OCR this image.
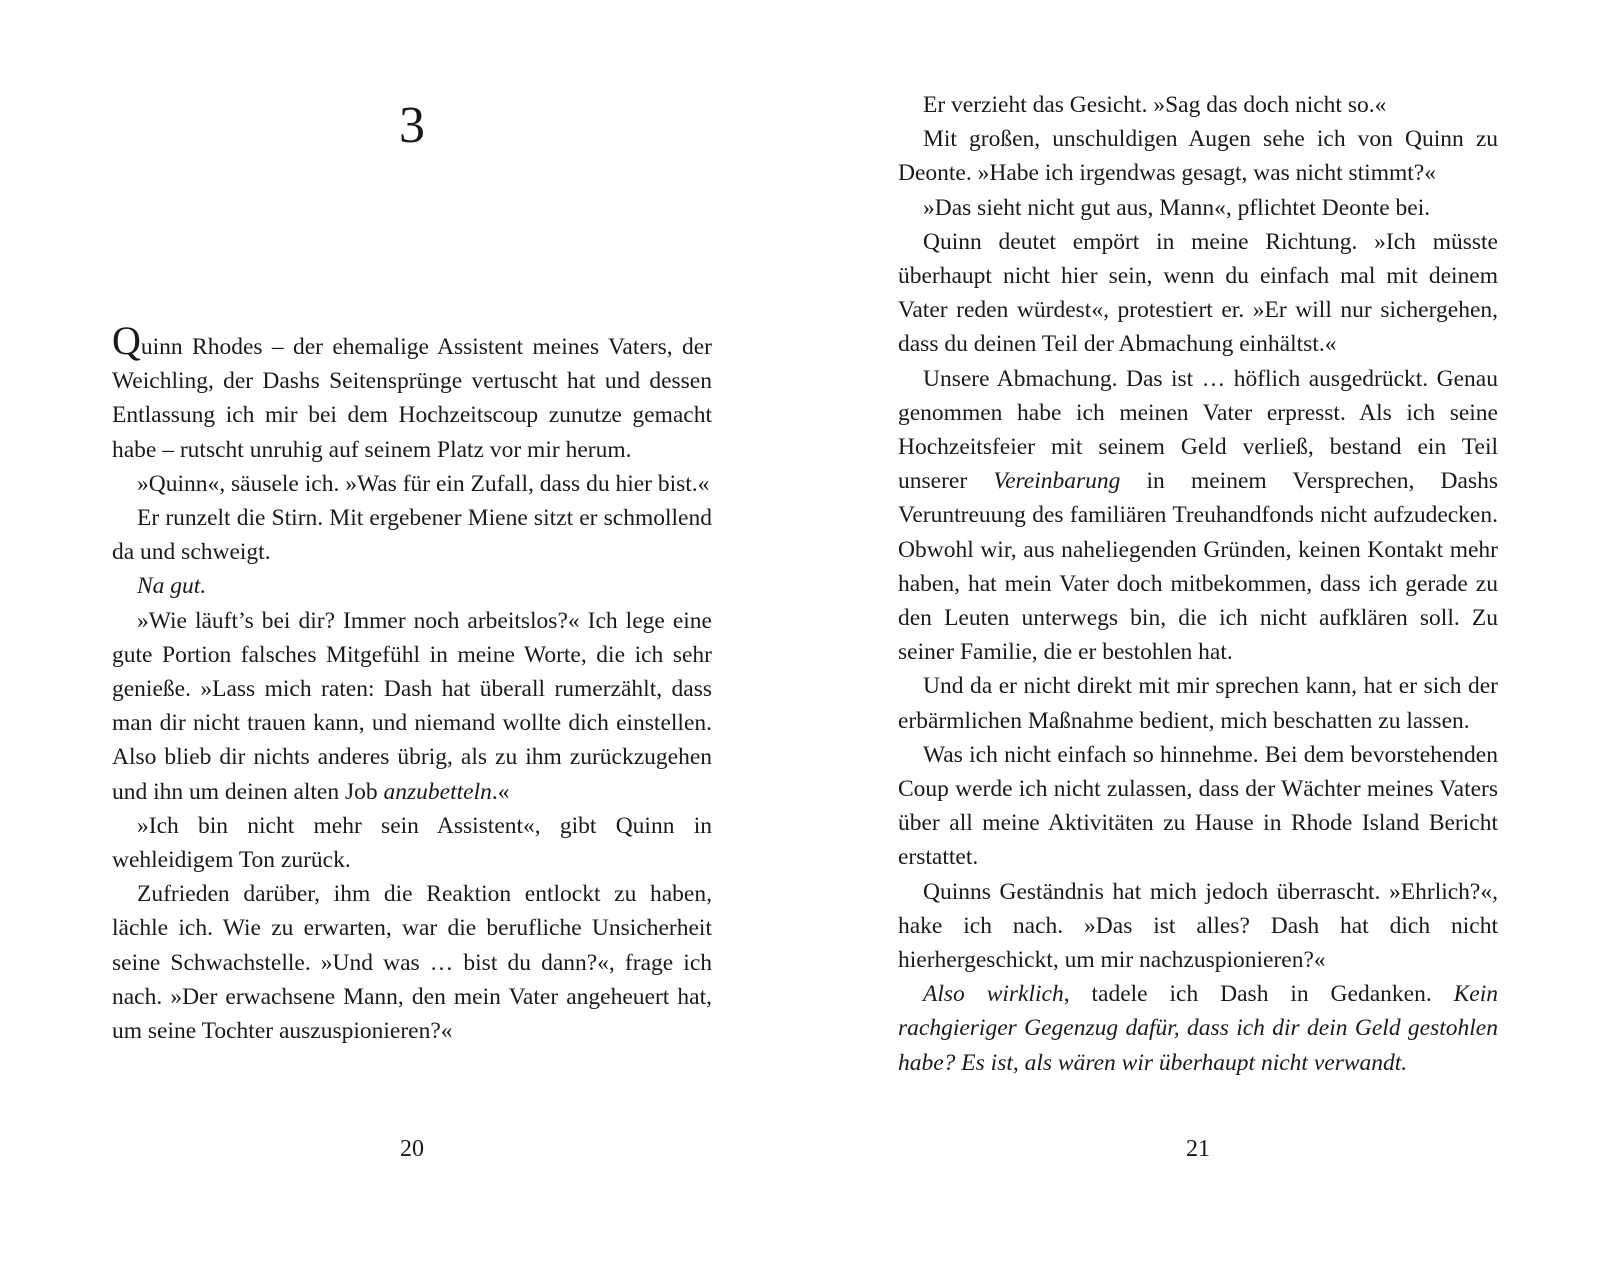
3

Quinn Rhodes – der ehemalige Assistent meines Vaters, der Weichling, der Dashs Seitensprünge vertuscht hat und dessen Entlassung ich mir bei dem Hochzeitscoup zunutze gemacht habe – rutscht unruhig auf seinem Platz vor mir herum.

»Quinn«, säusele ich. »Was für ein Zufall, dass du hier bist.«

Er runzelt die Stirn. Mit ergebener Miene sitzt er schmollend da und schweigt.

Na gut.

»Wie läuft’s bei dir? Immer noch arbeitslos?« Ich lege eine gute Portion falsches Mitgefühl in meine Worte, die ich sehr genieße. »Lass mich raten: Dash hat überall rumerzählt, dass man dir nicht trauen kann, und niemand wollte dich einstellen. Also blieb dir nichts anderes übrig, als zu ihm zurückzugehen und ihn um deinen alten Job anzubetteln.«

»Ich bin nicht mehr sein Assistent«, gibt Quinn in wehleidigem Ton zurück.

Zufrieden darüber, ihm die Reaktion entlockt zu haben, lächle ich. Wie zu erwarten, war die berufliche Unsicherheit seine Schwachstelle. »Und was … bist du dann?«, frage ich nach. »Der erwachsene Mann, den mein Vater angeheuert hat, um seine Tochter auszuspionieren?«

20

Er verzieht das Gesicht. »Sag das doch nicht so.«

Mit großen, unschuldigen Augen sehe ich von Quinn zu Deonte. »Habe ich irgendwas gesagt, was nicht stimmt?«

»Das sieht nicht gut aus, Mann«, pflichtet Deonte bei.

Quinn deutet empört in meine Richtung. »Ich müsste überhaupt nicht hier sein, wenn du einfach mal mit deinem Vater reden würdest«, protestiert er. »Er will nur sichergehen, dass du deinen Teil der Abmachung einhältst.«

Unsere Abmachung. Das ist … höflich ausgedrückt. Genau genommen habe ich meinen Vater erpresst. Als ich seine Hochzeitsfeier mit seinem Geld verließ, bestand ein Teil unserer Vereinbarung in meinem Versprechen, Dashs Veruntreuung des familiären Treuhandfonds nicht aufzudecken. Obwohl wir, aus naheliegenden Gründen, keinen Kontakt mehr haben, hat mein Vater doch mitbekommen, dass ich gerade zu den Leuten unterwegs bin, die ich nicht aufklären soll. Zu seiner Familie, die er bestohlen hat.

Und da er nicht direkt mit mir sprechen kann, hat er sich der erbärmlichen Maßnahme bedient, mich beschatten zu lassen.

Was ich nicht einfach so hinnehme. Bei dem bevorstehenden Coup werde ich nicht zulassen, dass der Wächter meines Vaters über all meine Aktivitäten zu Hause in Rhode Island Bericht erstattet.

Quinns Geständnis hat mich jedoch überrascht. »Ehrlich?«, hake ich nach. »Das ist alles? Dash hat dich nicht hierhergeschickt, um mir nachzuspionieren?«

Also wirklich, tadele ich Dash in Gedanken. Kein rachgieriger Gegenzug dafür, dass ich dir dein Geld gestohlen habe? Es ist, als wären wir überhaupt nicht verwandt.

21
